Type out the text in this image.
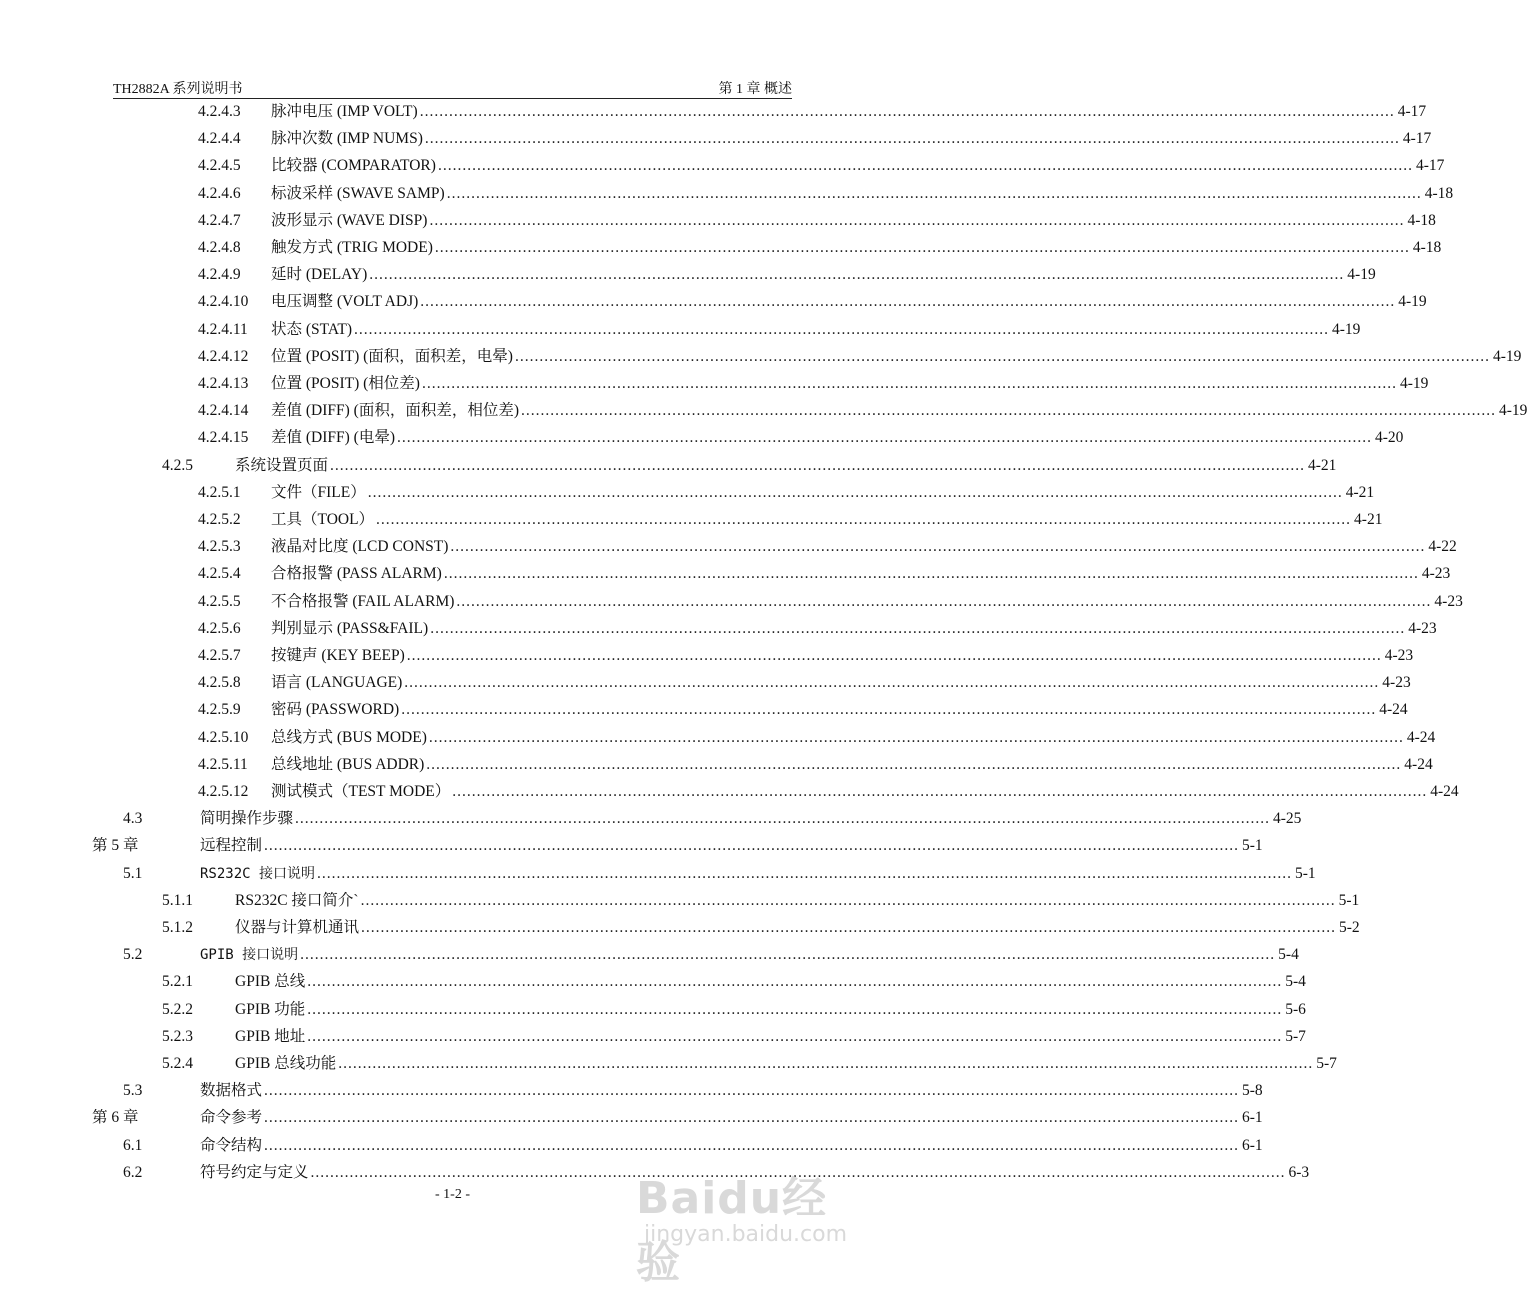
TH2882A 系列说明书	第 1 章 概述
4.2.4.3 脉冲电压 (IMP VOLT) ........................................................................................................................................................................................................ 4-17
4.2.4.4 脉冲次数 (IMP NUMS) ........................................................................................................................................................................................................ 4-17
4.2.4.5 比较器 (COMPARATOR) ........................................................................................................................................................................................................ 4-17
4.2.4.6 标波采样 (SWAVE SAMP) ........................................................................................................................................................................................................ 4-18
4.2.4.7 波形显示 (WAVE DISP) ........................................................................................................................................................................................................ 4-18
4.2.4.8 触发方式 (TRIG MODE) ........................................................................................................................................................................................................ 4-18
4.2.4.9 延时 (DELAY) ........................................................................................................................................................................................................ 4-19
4.2.4.10 电压调整 (VOLT ADJ) ........................................................................................................................................................................................................ 4-19
4.2.4.11 状态 (STAT) ........................................................................................................................................................................................................ 4-19
4.2.4.12 位置 (POSIT) (面积，面积差，电晕) ........................................................................................................................................................................................................ 4-19
4.2.4.13 位置 (POSIT) (相位差) ........................................................................................................................................................................................................ 4-19
4.2.4.14 差值 (DIFF) (面积，面积差，相位差) ........................................................................................................................................................................................................ 4-19
4.2.4.15 差值 (DIFF) (电晕) ........................................................................................................................................................................................................ 4-20
4.2.5	系统设置页面 ........................................................................................................................................................................................................ 4-21
4.2.5.1 文件（FILE） ........................................................................................................................................................................................................ 4-21
4.2.5.2 工具（TOOL） ........................................................................................................................................................................................................ 4-21
4.2.5.3 液晶对比度 (LCD CONST) ........................................................................................................................................................................................................ 4-22
4.2.5.4 合格报警 (PASS ALARM) ........................................................................................................................................................................................................ 4-23
4.2.5.5 不合格报警 (FAIL ALARM) ........................................................................................................................................................................................................ 4-23
4.2.5.6 判别显示 (PASS&FAIL) ........................................................................................................................................................................................................ 4-23
4.2.5.7 按键声 (KEY BEEP) ........................................................................................................................................................................................................ 4-23
4.2.5.8 语言 (LANGUAGE) ........................................................................................................................................................................................................ 4-23
4.2.5.9 密码 (PASSWORD) ........................................................................................................................................................................................................ 4-24
4.2.5.10 总线方式 (BUS MODE) ........................................................................................................................................................................................................ 4-24
4.2.5.11 总线地址 (BUS ADDR) ........................................................................................................................................................................................................ 4-24
4.2.5.12 测试模式（TEST MODE） ........................................................................................................................................................................................................ 4-24
4.3	简明操作步骤 ........................................................................................................................................................................................................ 4-25
第 5 章	远程控制 ........................................................................................................................................................................................................ 5-1
5.1	RS232C 接口说明 ........................................................................................................................................................................................................ 5-1
5.1.1	RS232C 接口简介` ........................................................................................................................................................................................................ 5-1
5.1.2	仪器与计算机通讯 ........................................................................................................................................................................................................ 5-2
5.2	GPIB 接口说明 ........................................................................................................................................................................................................ 5-4
5.2.1	GPIB 总线 ........................................................................................................................................................................................................ 5-4
5.2.2	GPIB 功能 ........................................................................................................................................................................................................ 5-6
5.2.3	GPIB 地址 ........................................................................................................................................................................................................ 5-7
5.2.4	GPIB 总线功能 ........................................................................................................................................................................................................ 5-7
5.3	数据格式 ........................................................................................................................................................................................................ 5-8
第 6 章	命令参考 ........................................................................................................................................................................................................ 6-1
6.1	命令结构 ........................................................................................................................................................................................................ 6-1
6.2	符号约定与定义 ........................................................................................................................................................................................................ 6-3
- 1-2 -	Baidu经验
jingyan.baidu.com
